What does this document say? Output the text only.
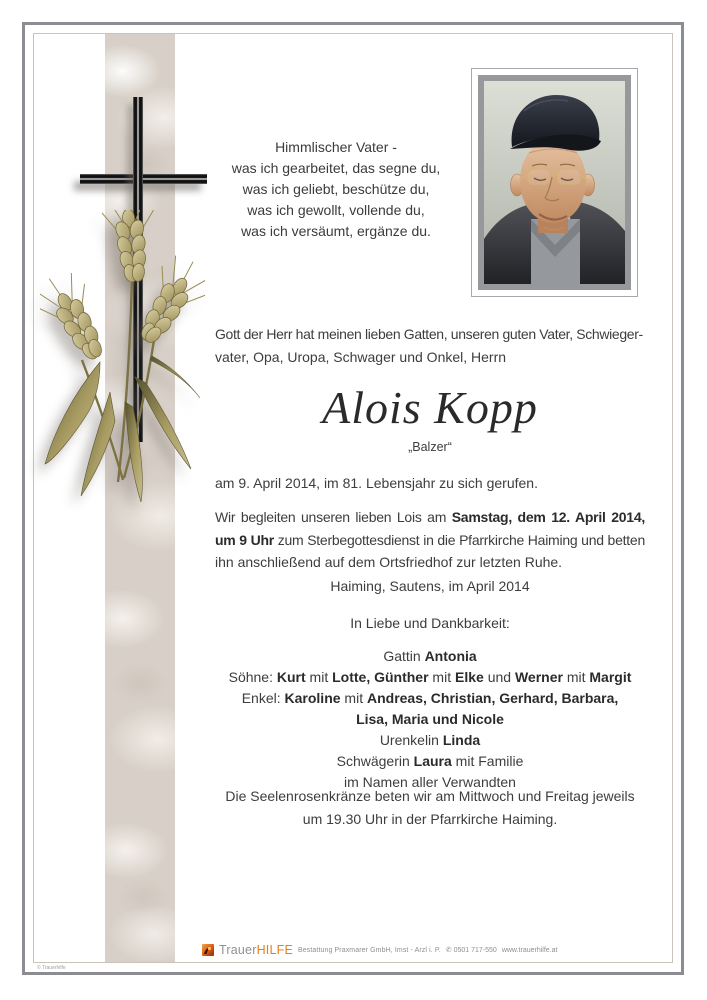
Himmlischer Vater -
was ich gearbeitet, das segne du,
was ich geliebt, beschütze du,
was ich gewollt, vollende du,
was ich versäumt, ergänze du.
Gott der Herr hat meinen lieben Gatten, unseren guten Vater, Schwieger-
vater, Opa, Uropa, Schwager und Onkel, Herrn
Alois Kopp
„Balzer“
am 9. April 2014, im 81. Lebensjahr zu sich gerufen.
Wir begleiten unseren lieben Lois am Samstag, dem 12. April 2014,
um 9 Uhr zum Sterbegottesdienst in die Pfarrkirche Haiming und betten
ihn anschließend auf dem Ortsfriedhof zur letzten Ruhe.
Haiming, Sautens, im April 2014
In Liebe und Dankbarkeit:
Gattin Antonia
Söhne: Kurt mit Lotte, Günther mit Elke und Werner mit Margit
Enkel: Karoline mit Andreas, Christian, Gerhard, Barbara,
Lisa, Maria und Nicole
Urenkelin Linda
Schwägerin Laura mit Familie
im Namen aller Verwandten
Die Seelenrosenkränze beten wir am Mittwoch und Freitag jeweils
um 19.30 Uhr in der Pfarrkirche Haiming.
TrauerHILFE Bestattung Praxmarer GmbH, Imst - Arzl i. P. ✆ 0501 717-550 www.trauerhilfe.at
© Trauerhilfe
